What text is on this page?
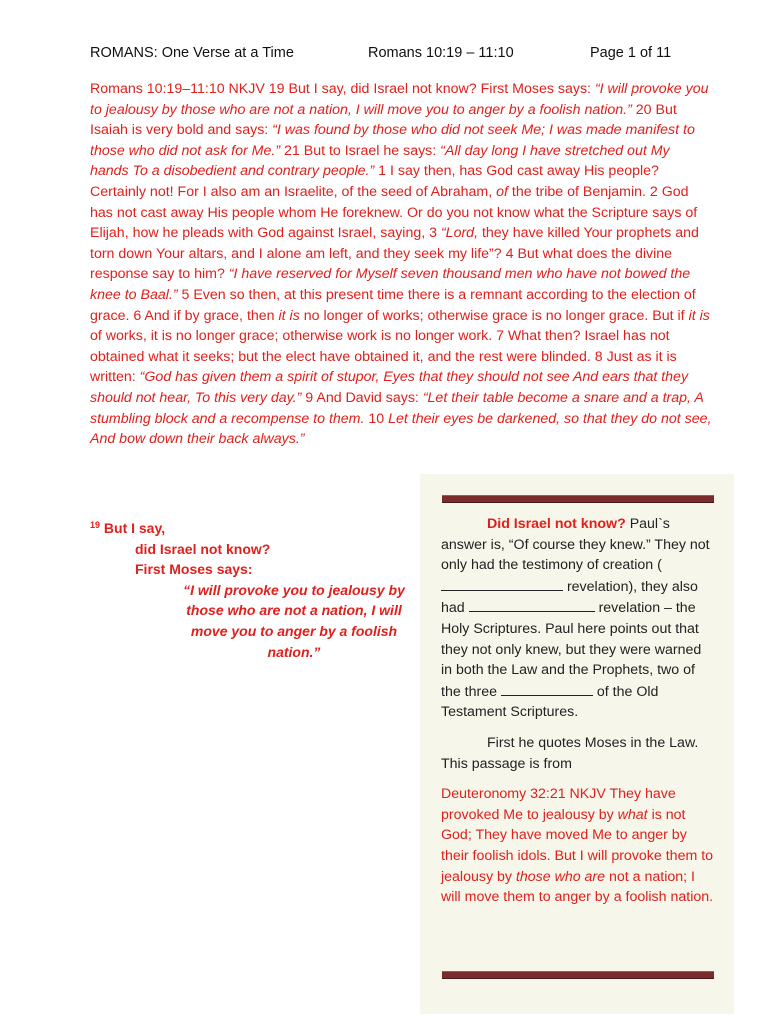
ROMANS: One Verse at a Time	Romans 10:19 – 11:10	Page 1 of 11
Romans 10:19–11:10 NKJV 19 But I say, did Israel not know? First Moses says: “I will provoke you to jealousy by those who are not a nation, I will move you to anger by a foolish nation.” 20 But Isaiah is very bold and says: “I was found by those who did not seek Me; I was made manifest to those who did not ask for Me.” 21 But to Israel he says: “All day long I have stretched out My hands To a disobedient and contrary people.” 1 I say then, has God cast away His people? Certainly not! For I also am an Israelite, of the seed of Abraham, of the tribe of Benjamin. 2 God has not cast away His people whom He foreknew. Or do you not know what the Scripture says of Elijah, how he pleads with God against Israel, saying, 3 “Lord, they have killed Your prophets and torn down Your altars, and I alone am left, and they seek my life”? 4 But what does the divine response say to him? “I have reserved for Myself seven thousand men who have not bowed the knee to Baal.” 5 Even so then, at this present time there is a remnant according to the election of grace. 6 And if by grace, then it is no longer of works; otherwise grace is no longer grace. But if it is of works, it is no longer grace; otherwise work is no longer work. 7 What then? Israel has not obtained what it seeks; but the elect have obtained it, and the rest were blinded. 8 Just as it is written: “God has given them a spirit of stupor, Eyes that they should not see And ears that they should not hear, To this very day.” 9 And David says: “Let their table become a snare and a trap, A stumbling block and a recompense to them. 10 Let their eyes be darkened, so that they do not see, And bow down their back always.”
$^{19}$ But I say,
did Israel not know?
First Moses says:
“I will provoke you to jealousy by those who are not a nation, I will move you to anger by a foolish nation.”

Did Israel not know? Paul`s answer is, “Of course they knew.” They not only had the testimony of creation ( revelation), they also had	revelation – the Holy Scriptures. Paul here points out that they not only knew, but they were warned in both the Law and the Prophets, two of the three	of the Old Testament Scriptures.

First he quotes Moses in the Law. This passage is from

Deuteronomy 32:21 NKJV They have provoked Me to jealousy by what is not God; They have moved Me to anger by their foolish idols. But I will provoke them to jealousy by those who are not a nation; I will move them to anger by a foolish nation.
